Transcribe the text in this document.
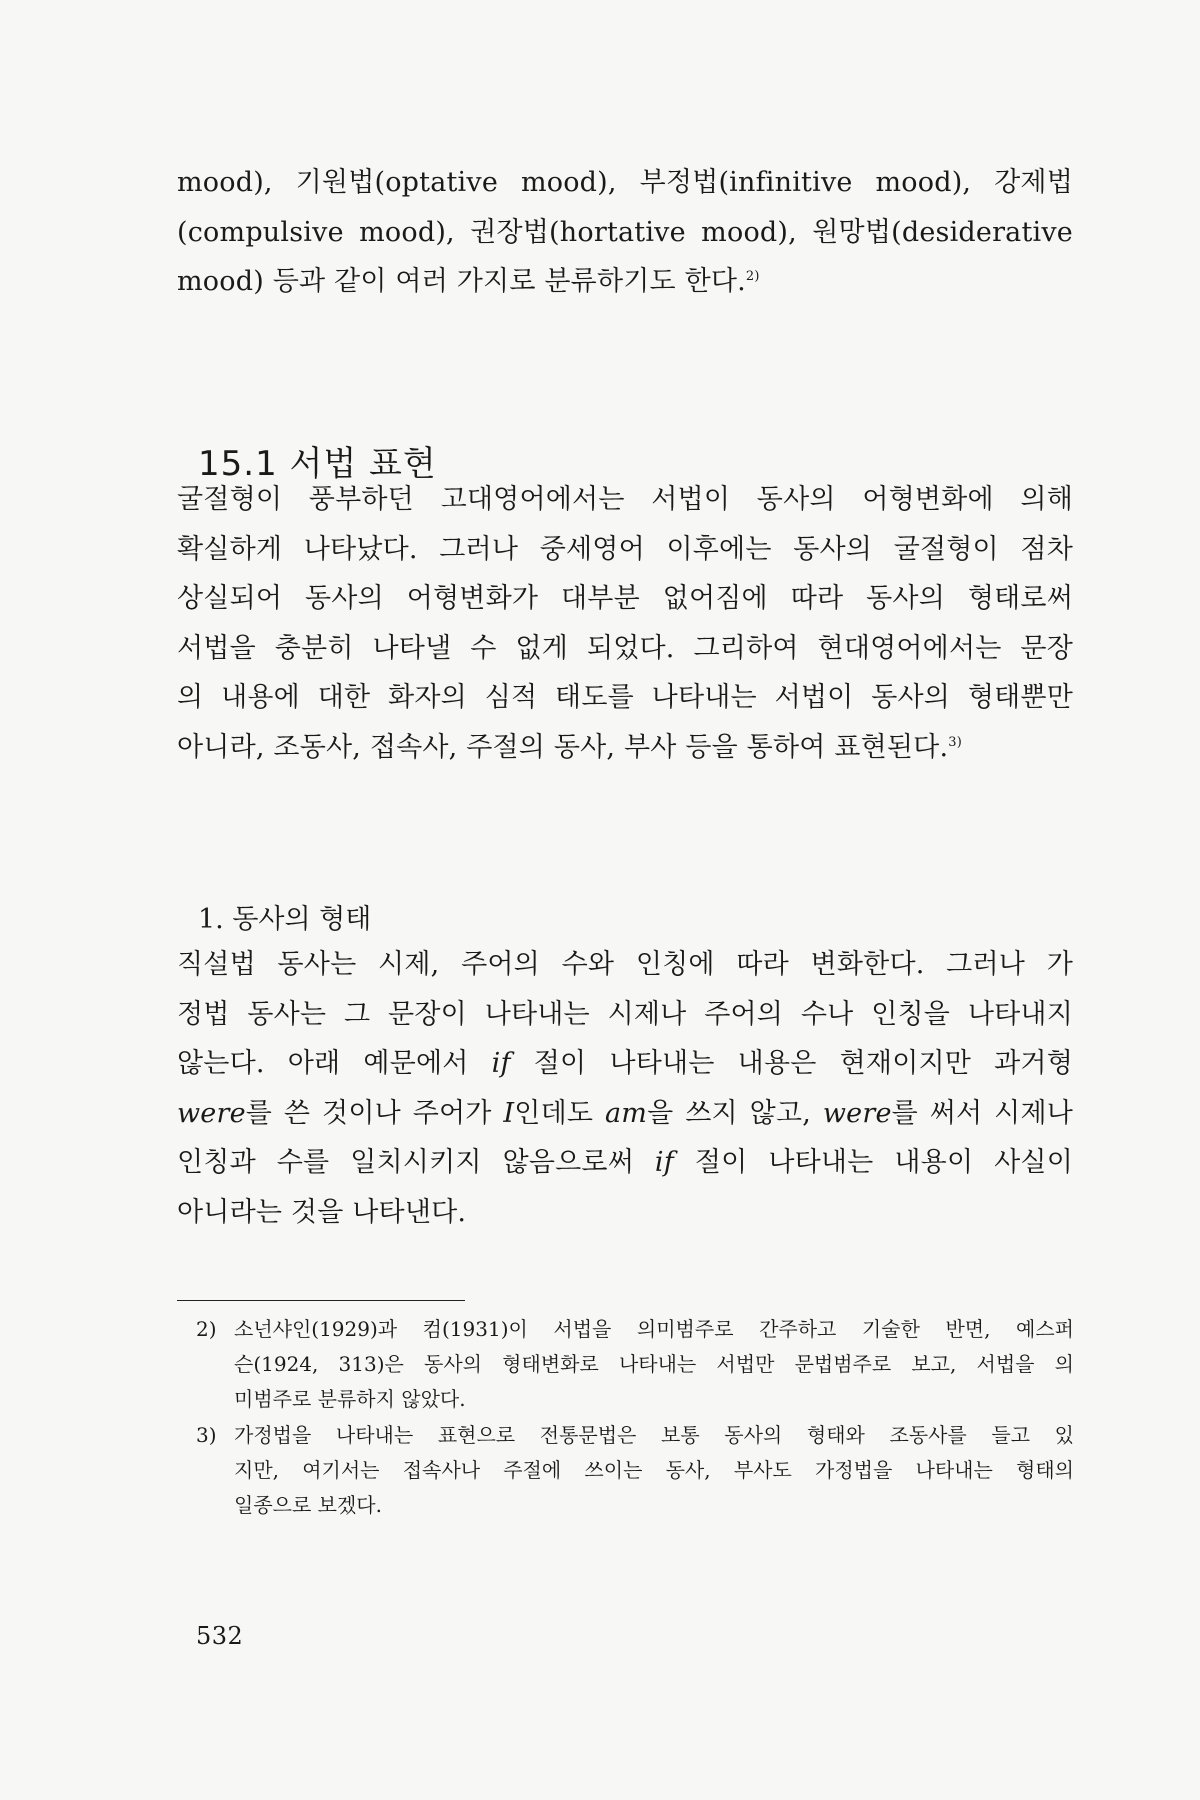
mood), 기원법(optative mood), 부정법(infinitive mood), 강제법
(compulsive mood), 권장법(hortative mood), 원망법(desiderative
mood) 등과 같이 여러 가지로 분류하기도 한다.$^{2)}$
15.1 서법 표현
굴절형이 풍부하던 고대영어에서는 서법이 동사의 어형변화에 의해
확실하게 나타났다. 그러나 중세영어 이후에는 동사의 굴절형이 점차
상실되어 동사의 어형변화가 대부분 없어짐에 따라 동사의 형태로써
서법을 충분히 나타낼 수 없게 되었다. 그리하여 현대영어에서는 문장
의 내용에 대한 화자의 심적 태도를 나타내는 서법이 동사의 형태뿐만
아니라, 조동사, 접속사, 주절의 동사, 부사 등을 통하여 표현된다.$^{3)}$
1. 동사의 형태
직설법 동사는 시제, 주어의 수와 인칭에 따라 변화한다. 그러나 가
정법 동사는 그 문장이 나타내는 시제나 주어의 수나 인칭을 나타내지
않는다. 아래 예문에서 if 절이 나타내는 내용은 현재이지만 과거형
were를 쓴 것이나 주어가 I인데도 am을 쓰지 않고, were를 써서 시제나
인칭과 수를 일치시키지 않음으로써 if 절이 나타내는 내용이 사실이
아니라는 것을 나타낸다.
2) 소넌샤인(1929)과 컴(1931)이 서법을 의미범주로 간주하고 기술한 반면, 예스퍼
슨(1924, 313)은 동사의 형태변화로 나타내는 서법만 문법범주로 보고, 서법을 의
미범주로 분류하지 않았다.
3) 가정법을 나타내는 표현으로 전통문법은 보통 동사의 형태와 조동사를 들고 있
지만, 여기서는 접속사나 주절에 쓰이는 동사, 부사도 가정법을 나타내는 형태의
일종으로 보겠다.
532
